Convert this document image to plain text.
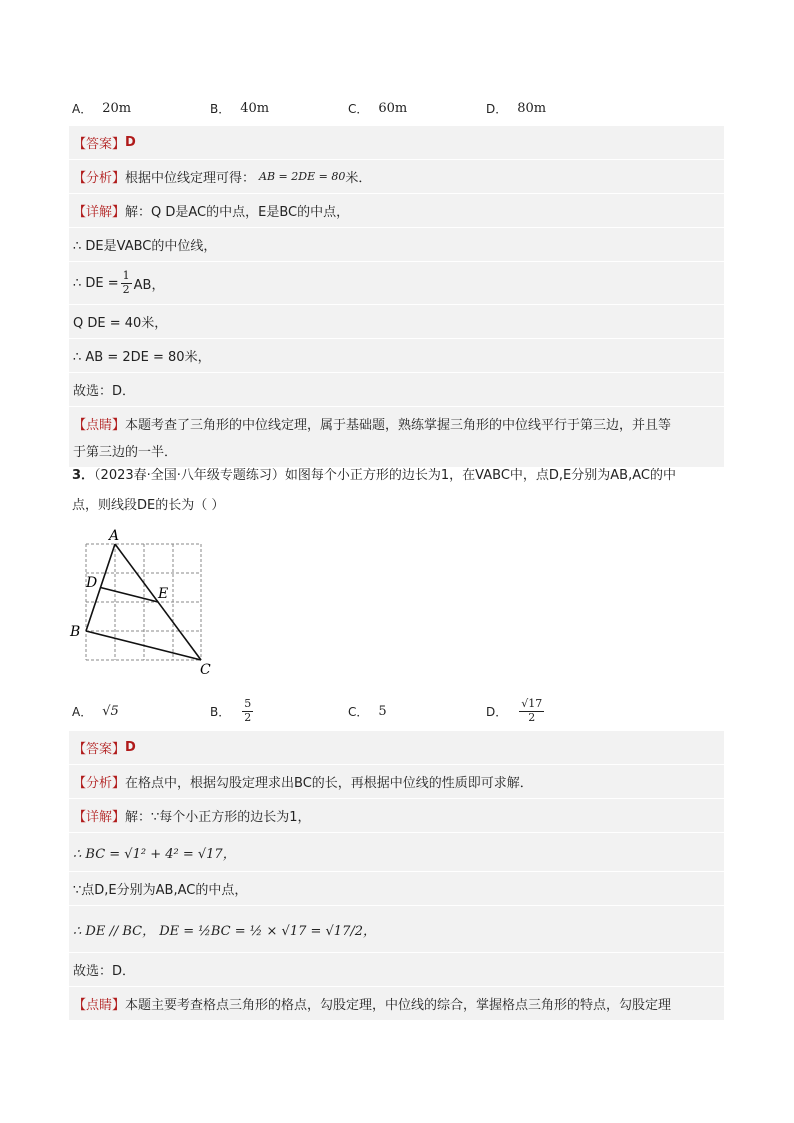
A． 20m	B． 40m	C． 60m	D． 80m
【答案】 D
【分析】 根据中位线定理可得： AB = 2DE = 80 米．
【详解】 解：Q D是AC的中点，E是BC的中点，
∴ DE是VABC的中位线，
∴ DE = $\frac{1}{2}$ AB，
Q DE = 40米，
∴ AB = 2DE = 80米，
故选：D．
【点睛】本题考查了三角形的中位线定理，属于基础题，熟练掌握三角形的中位线平行于第三边，并且等
于第三边的一半．
3．（2023春·全国·八年级专题练习）如图每个小正方形的边长为1，在VABC中，点D,E分别为AB,AC的中
点，则线段DE的长为（ ）
A
D
E
B
C
A． √5	B． $\frac{5}{2}$	C． 5	D． $\frac{√17}{2}$
【答案】 D
【分析】 在格点中，根据勾股定理求出BC的长，再根据中位线的性质即可求解．
【详解】 解：∵每个小正方形的边长为1，
∴ BC = √1² + 4² = √17，
∵点D,E分别为AB,AC的中点，
∴ DE // BC， DE = ½BC = ½ × √17 = √17/2，
故选：D．
【点睛】 本题主要考查格点三角形的格点，勾股定理，中位线的综合，掌握格点三角形的特点，勾股定理
